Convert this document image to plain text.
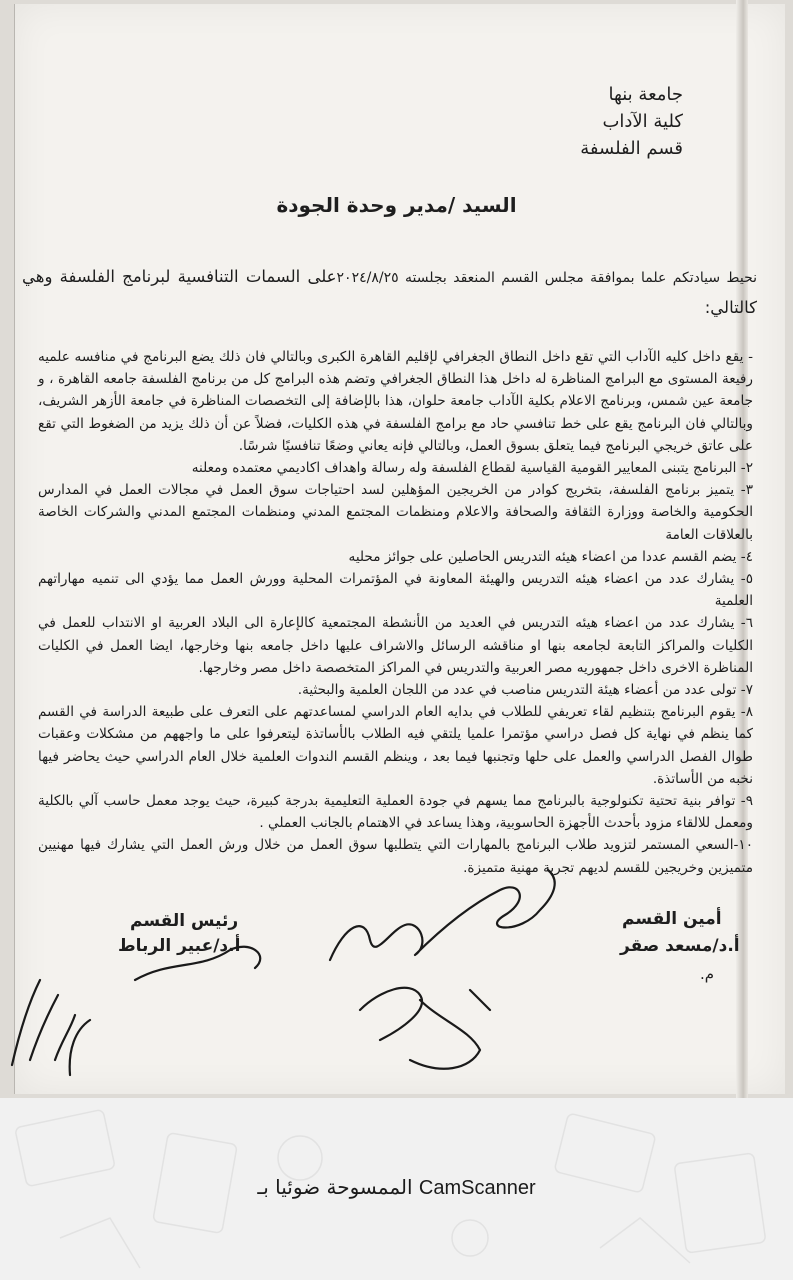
جامعة بنها
كلية الآداب
قسم الفلسفة
السيد /مدير وحدة الجودة
نحيط سيادتكم علما بموافقة مجلس القسم المنعقد بجلسته ٢٠٢٤/٨/٢٥على السمات التنافسية لبرنامج الفلسفة وهي كالتالي:

- يقع داخل كليه الآداب التي تقع داخل النطاق الجغرافي لإقليم القاهرة الكبرى وبالتالي فان ذلك يضع البرنامج في منافسه علميه رفيعة المستوى مع البرامج المناظرة له داخل هذا النطاق الجغرافي وتضم هذه البرامج كل من برنامج الفلسفة جامعه القاهرة ، و جامعة عين شمس، وبرنامج الاعلام بكلية الآداب جامعة حلوان، هذا بالإضافة إلى التخصصات المناظرة في جامعة الأزهر الشريف، وبالتالي فان البرنامج يقع على خط تنافسي حاد مع برامج الفلسفة في هذه الكليات، فضلاً عن أن ذلك يزيد من الضغوط التي تقع على عاتق خريجي البرنامج فيما يتعلق بسوق العمل، وبالتالي فإنه يعاني وضعًا تنافسيًا شرسًا.

٢- البرنامج يتبنى المعايير القومية القياسية لقطاع الفلسفة وله رسالة واهداف اكاديمي معتمده ومعلنه

٣- يتميز برنامج الفلسفة، بتخريج كوادر من الخريجين المؤهلين لسد احتياجات سوق العمل في مجالات العمل في المدارس الحكومية والخاصة ووزارة الثقافة والصحافة والاعلام ومنظمات المجتمع المدني ومنظمات المجتمع المدني والشركات الخاصة بالعلاقات العامة

٤- يضم القسم عددا من اعضاء هيئه التدريس الحاصلين على جوائز محليه

٥- يشارك عدد من اعضاء هيئه التدريس والهيئة المعاونة في المؤتمرات المحلية وورش العمل مما يؤدي الى تنميه مهاراتهم العلمية

٦- يشارك عدد من اعضاء هيئه التدريس في العديد من الأنشطة المجتمعية كالإعارة الى البلاد العربية او الانتداب للعمل في الكليات والمراكز التابعة لجامعه بنها او مناقشه الرسائل والاشراف عليها داخل جامعه بنها وخارجها، ايضا العمل في الكليات المناظرة الاخرى داخل جمهوريه مصر العربية والتدريس في المراكز المتخصصة داخل مصر وخارجها.

٧- تولى عدد من أعضاء هيئة التدريس مناصب في عدد من اللجان العلمية والبحثية.

٨- يقوم البرنامج بتنظيم لقاء تعريفي للطلاب في بدايه العام الدراسي لمساعدتهم على التعرف على طبيعة الدراسة في القسم كما ينظم في نهاية كل فصل دراسي مؤتمرا علميا يلتقي فيه الطلاب بالأساتذة ليتعرفوا على ما واجههم من مشكلات وعقبات طوال الفصل الدراسي والعمل على حلها وتجنبها فيما بعد ، وينظم القسم الندوات العلمية خلال العام الدراسي حيث يحاضر فيها نخبه من الأساتذة.

٩- توافر بنية تحتية تكنولوجية بالبرنامج مما يسهم في جودة العملية التعليمية بدرجة كبيرة، حيث يوجد معمل حاسب آلي بالكلية ومعمل للالقاء مزود بأحدث الأجهزة الحاسوبية، وهذا يساعد في الاهتمام بالجانب العملي .

١٠-السعي المستمر لتزويد طلاب البرنامج بالمهارات التي يتطلبها سوق العمل من خلال ورش العمل التي يشارك فيها مهنيين متميزين وخريجين للقسم لديهم تجربة مهنية متميزة.

رئيس القسم
أ.د/عبير الرباط
أمين القسم
أ.د/مسعد صقر
م.
الممسوحة ضوئيا بـ CamScanner
